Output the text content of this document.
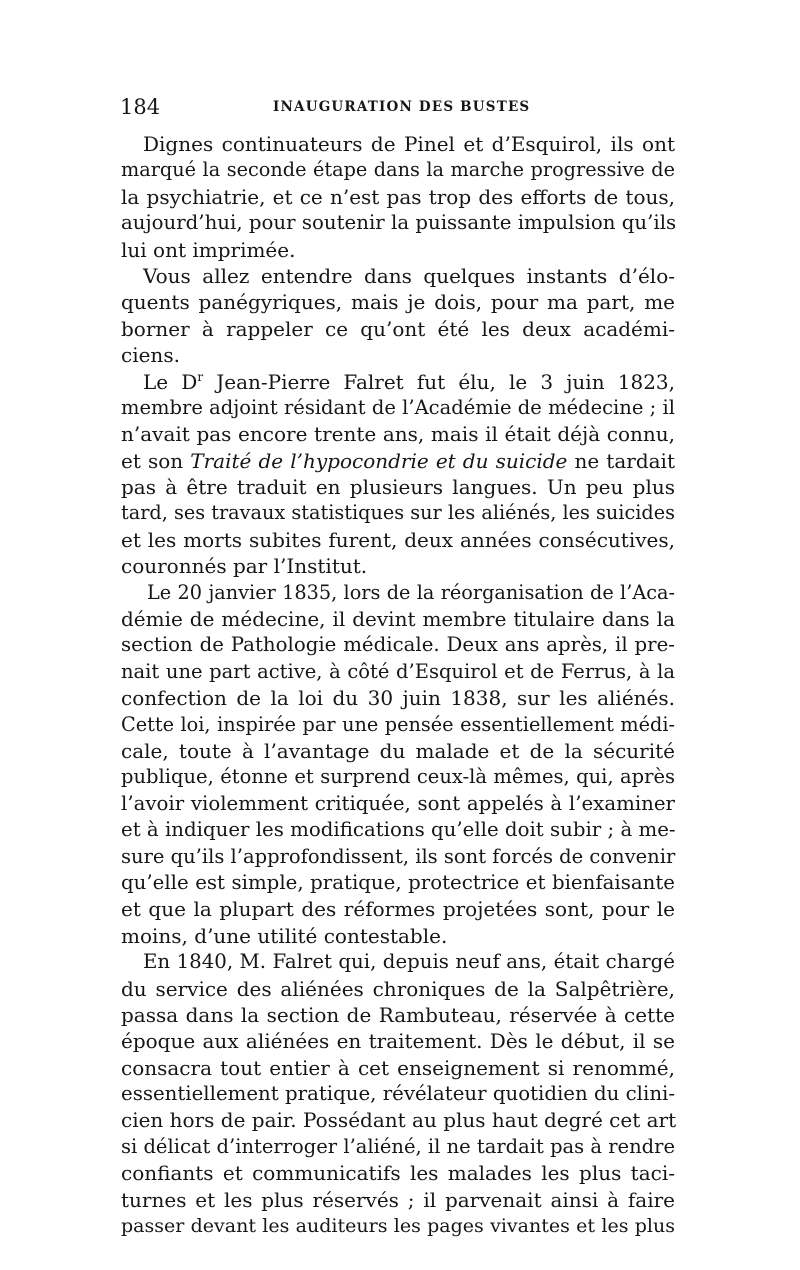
184	INAUGURATION DES BUSTES
Dignes continuateurs de Pinel et d’Esquirol, ils ont
marqué la seconde étape dans la marche progressive de
la psychiatrie, et ce n’est pas trop des efforts de tous,
aujourd’hui, pour soutenir la puissante impulsion qu’ils
lui ont imprimée.
Vous allez entendre dans quelques instants d’élo-
quents panégyriques, mais je dois, pour ma part, me
borner à rappeler ce qu’ont été les deux académi-
ciens.
Le $D^r$ Jean-Pierre Falret fut élu, le 3 juin 1823,
membre adjoint résidant de l’Académie de médecine ; il
n’avait pas encore trente ans, mais il était déjà connu,
et son Traité de l’hypocondrie et du suicide ne tardait
pas à être traduit en plusieurs langues. Un peu plus
tard, ses travaux statistiques sur les aliénés, les suicides
et les morts subites furent, deux années consécutives,
couronnés par l’Institut.
Le 20 janvier 1835, lors de la réorganisation de l’Aca-
démie de médecine, il devint membre titulaire dans la
section de Pathologie médicale. Deux ans après, il pre-
nait une part active, à côté d’Esquirol et de Ferrus, à la
confection de la loi du 30 juin 1838, sur les aliénés.
Cette loi, inspirée par une pensée essentiellement médi-
cale, toute à l’avantage du malade et de la sécurité
publique, étonne et surprend ceux-là mêmes, qui, après
l’avoir violemment critiquée, sont appelés à l’examiner
et à indiquer les modifications qu’elle doit subir ; à me-
sure qu’ils l’approfondissent, ils sont forcés de convenir
qu’elle est simple, pratique, protectrice et bienfaisante
et que la plupart des réformes projetées sont, pour le
moins, d’une utilité contestable.
En 1840, M. Falret qui, depuis neuf ans, était chargé
du service des aliénées chroniques de la Salpêtrière,
passa dans la section de Rambuteau, réservée à cette
époque aux aliénées en traitement. Dès le début, il se
consacra tout entier à cet enseignement si renommé,
essentiellement pratique, révélateur quotidien du clini-
cien hors de pair. Possédant au plus haut degré cet art
si délicat d’interroger l’aliéné, il ne tardait pas à rendre
confiants et communicatifs les malades les plus taci-
turnes et les plus réservés ; il parvenait ainsi à faire
passer devant les auditeurs les pages vivantes et les plus
